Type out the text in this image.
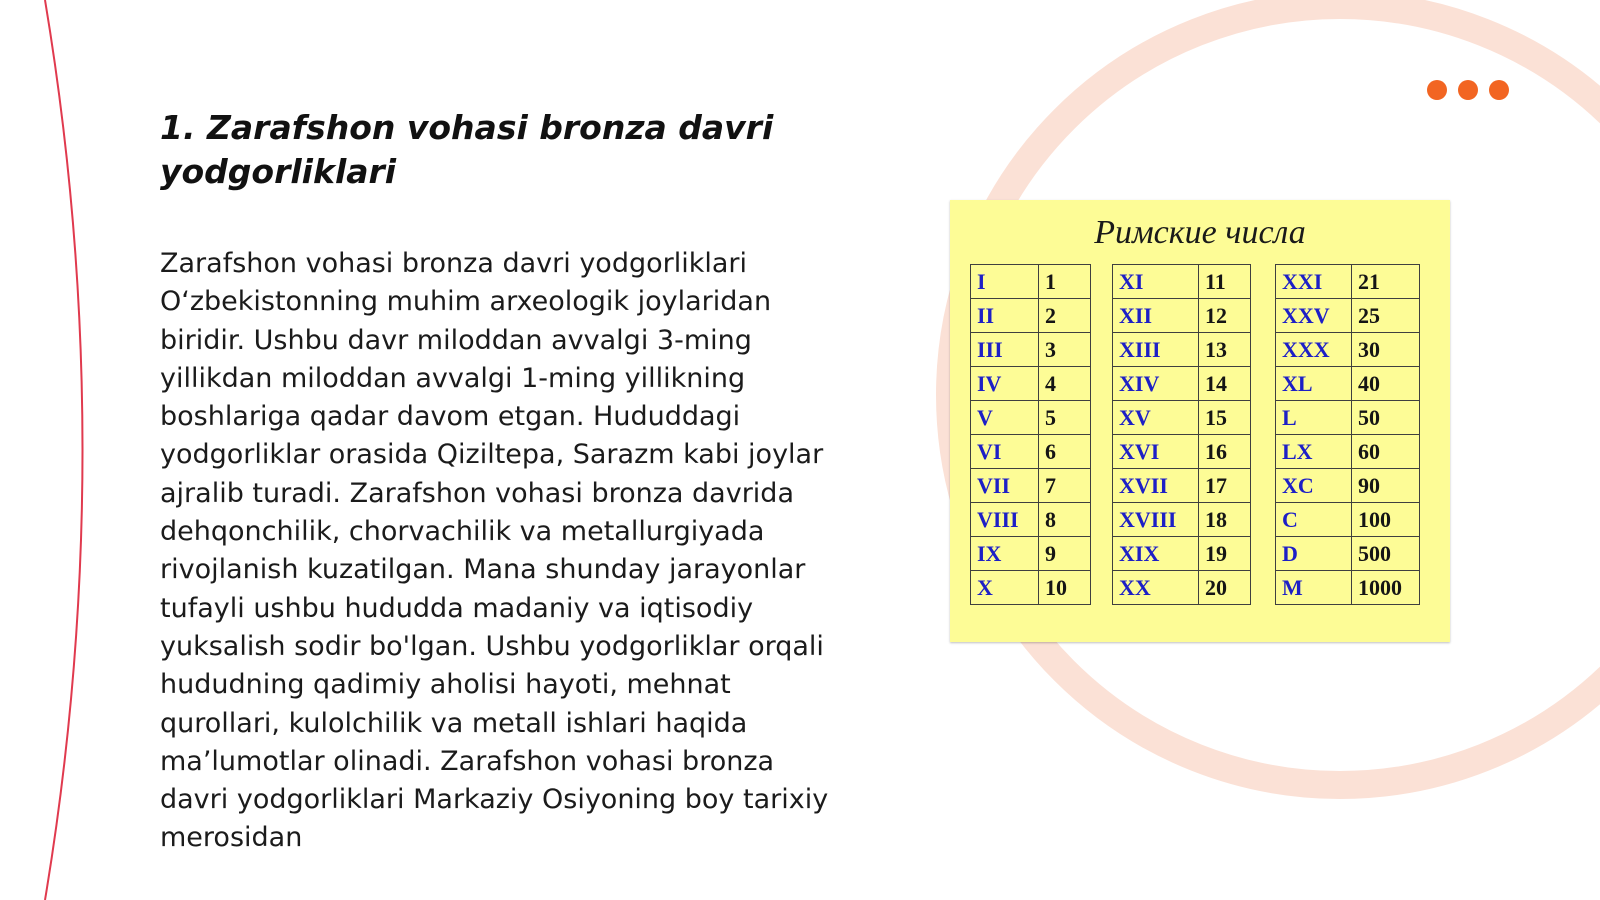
1. Zarafshon vohasi bronza davri yodgorliklari

Zarafshon vohasi bronza davri yodgorliklari O‘zbekistonning muhim arxeologik joylaridan biridir. Ushbu davr miloddan avvalgi 3-ming yillikdan miloddan avvalgi 1-ming yillikning boshlariga qadar davom etgan. Hududdagi yodgorliklar orasida Qiziltepa, Sarazm kabi joylar ajralib turadi. Zarafshon vohasi bronza davrida dehqonchilik, chorvachilik va metallurgiyada rivojlanish kuzatilgan. Mana shunday jarayonlar tufayli ushbu hududda madaniy va iqtisodiy yuksalish sodir bo'lgan. Ushbu yodgorliklar orqali hududning qadimiy aholisi hayoti, mehnat qurollari, kulolchilik va metall ishlari haqida ma’lumotlar olinadi. Zarafshon vohasi bronza davri yodgorliklari Markaziy Osiyoning boy tarixiy merosidan

Римские числа
I	1
II	2
III	3
IV	4
V	5
VI	6
VII	7
VIII	8
IX	9
X	10
XI	11
XII	12
XIII	13
XIV	14
XV	15
XVI	16
XVII	17
XVIII	18
XIX	19
XX	20
XXI	21
XXV	25
XXX	30
XL	40
L	50
LX	60
XC	90
C	100
D	500
M	1000
